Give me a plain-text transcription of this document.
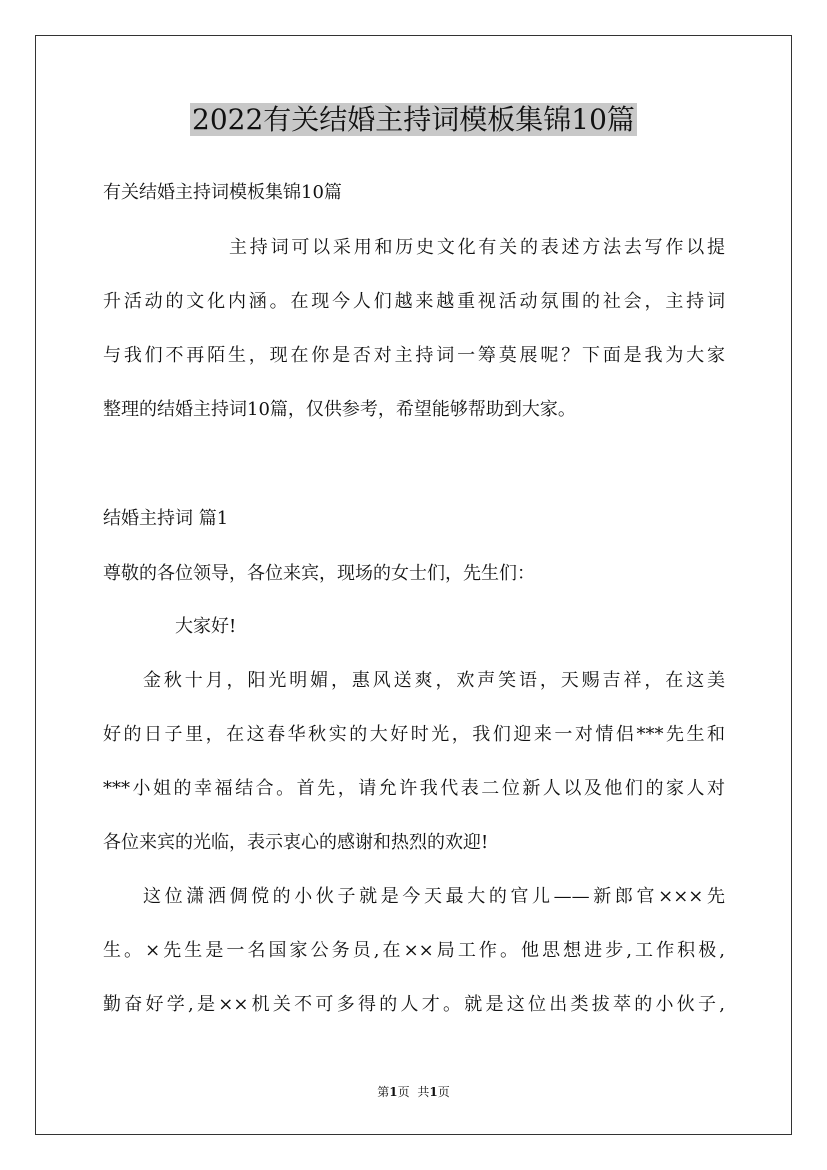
2022有关结婚主持词模板集锦10篇
有关结婚主持词模板集锦10篇
主持词可以采用和历史文化有关的表述方法去写作以提
升活动的文化内涵。在现今人们越来越重视活动氛围的社会，主持词
与我们不再陌生，现在你是否对主持词一筹莫展呢？下面是我为大家
整理的结婚主持词10篇，仅供参考，希望能够帮助到大家。
结婚主持词 篇1
尊敬的各位领导，各位来宾，现场的女士们，先生们：
大家好!
金秋十月，阳光明媚，惠风送爽，欢声笑语，天赐吉祥，在这美
好的日子里，在这春华秋实的大好时光，我们迎来一对情侣***先生和
***小姐的幸福结合。首先，请允许我代表二位新人以及他们的家人对
各位来宾的光临，表示衷心的感谢和热烈的欢迎!
这位潇洒倜傥的小伙子就是今天最大的官儿——新郎官×××先
生。×先生是一名国家公务员,在××局工作。他思想进步,工作积极,
勤奋好学,是××机关不可多得的人才。就是这位出类拔萃的小伙子,
第1页 共1页
